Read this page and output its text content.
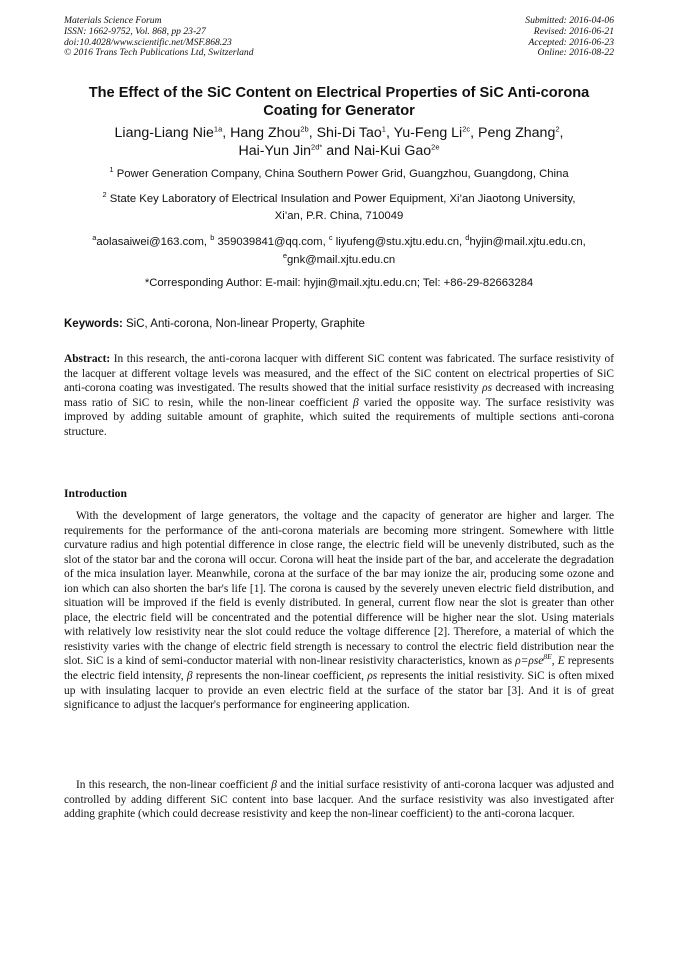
Materials Science Forum
ISSN: 1662-9752, Vol. 868, pp 23-27
doi:10.4028/www.scientific.net/MSF.868.23
© 2016 Trans Tech Publications Ltd, Switzerland
Submitted: 2016-04-06
Revised: 2016-06-21
Accepted: 2016-06-23
Online: 2016-08-22
The Effect of the SiC Content on Electrical Properties of SiC Anti-corona
Coating for Generator
Liang-Liang Nie$^{1a}$, Hang Zhou$^{2b}$, Shi-Di Tao$^1$, Yu-Feng $Li^{2c}$, Peng Zhang$^2$,
Hai-Yun Jin$^{2d*}$ and Nai-Kui Gao$^{2e}$
$^1$ Power Generation Company, China Southern Power Grid, Guangzhou, Guangdong, China
$^2$ State Key Laboratory of Electrical Insulation and Power Equipment, Xi’an Jiaotong University,
Xi’an, P.R. China, 710049
$^a$aolasaiwei@163.com, $^b$ 359039841@qq.com, $^c$ liyufeng@stu.xjtu.edu.cn, $^d$hyjin@mail.xjtu.edu.cn,
$^e$gnk@mail.xjtu.edu.cn
*Corresponding Author: E-mail: hyjin@mail.xjtu.edu.cn; Tel: +86-29-82663284
Keywords: SiC, Anti-corona, Non-linear Property, Graphite
Abstract: In this research, the anti-corona lacquer with different SiC content was fabricated. The surface resistivity of the lacquer at different voltage levels was measured, and the effect of the SiC content on electrical properties of SiC anti-corona coating was investigated. The results showed that the initial surface resistivity ρs decreased with increasing mass ratio of SiC to resin, while the non-linear coefficient β varied the opposite way. The surface resistivity was improved by adding suitable amount of graphite, which suited the requirements of multiple sections anti-corona structure.
Introduction
With the development of large generators, the voltage and the capacity of generator are higher and larger. The requirements for the performance of the anti-corona materials are becoming more stringent. Somewhere with little curvature radius and high potential difference in close range, the electric field will be unevenly distributed, such as the slot of the stator bar and the corona will occur. Corona will heat the inside part of the bar, and accelerate the degradation of the mica insulation layer. Meanwhile, corona at the surface of the bar may ionize the air, producing some ozone and ion which can also shorten the bar's life [1]. The corona is caused by the severely uneven electric field distribution, and situation will be improved if the field is evenly distributed. In general, current flow near the slot is greater than other place, the electric field will be concentrated and the potential difference will be higher near the slot. Using materials with relatively low resistivity near the slot could reduce the voltage difference [2]. Therefore, a material of which the resistivity varies with the change of electric field strength is necessary to control the electric field distribution near the slot. SiC is a kind of semi-conductor material with non-linear resistivity characteristics, known as ρ=ρse$^{\beta E}$, E represents the electric field intensity, β represents the non-linear coefficient, ρs represents the initial resistivity. SiC is often mixed up with insulating lacquer to provide an even electric field at the surface of the stator bar [3]. And it is of great significance to adjust the lacquer's performance for engineering application.
In this research, the non-linear coefficient β and the initial surface resistivity of anti-corona lacquer was adjusted and controlled by adding different SiC content into base lacquer. And the surface resistivity was also investigated after adding graphite (which could decrease resistivity and keep the non-linear coefficient) to the anti-corona lacquer.
